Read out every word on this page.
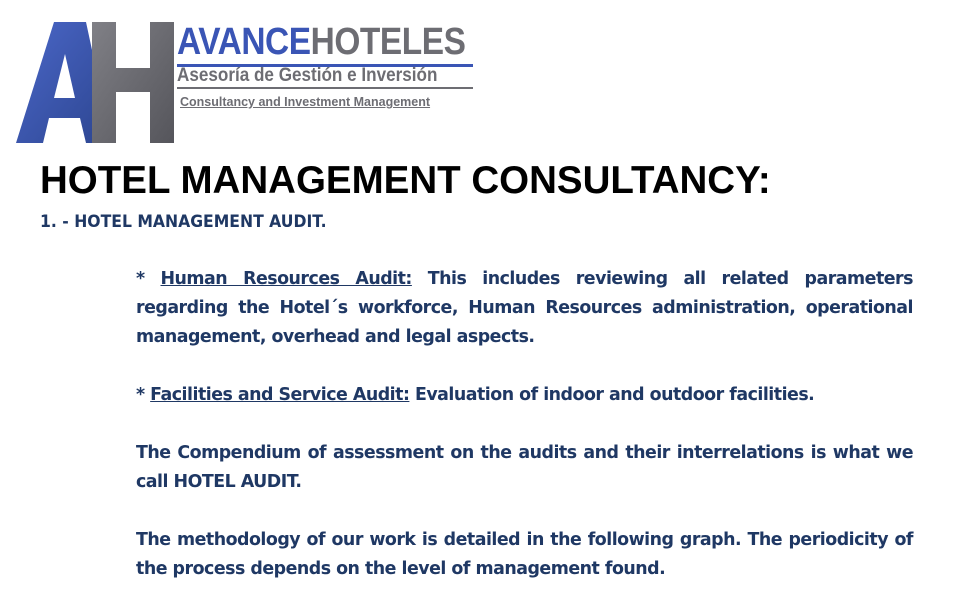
AVANCEHOTELES
Asesoría de Gestión e Inversión
Consultancy and Investment Management
HOTEL MANAGEMENT CONSULTANCY:
1. - HOTEL MANAGEMENT AUDIT.

* Human Resources Audit: This includes reviewing all related parameters regarding the Hotel´s workforce, Human Resources administration, operational management, overhead and legal aspects.

* Facilities and Service Audit: Evaluation of indoor and outdoor facilities.

The Compendium of assessment on the audits and their interrelations is what we call HOTEL AUDIT.

The methodology of our work is detailed in the following graph. The periodicity of the process depends on the level of management found.
